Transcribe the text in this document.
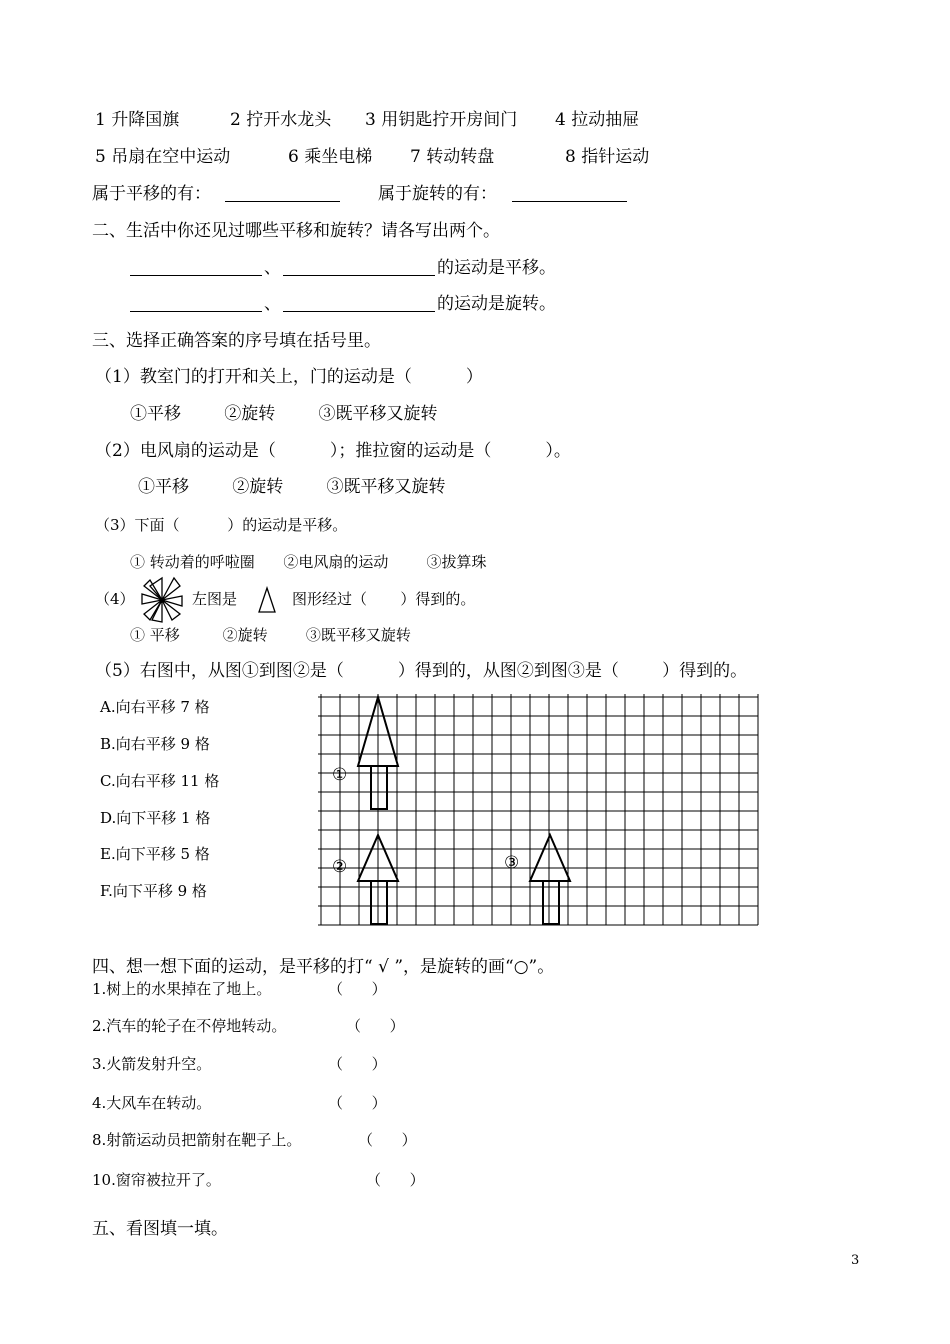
1 升降国旗	2 拧开水龙头 3 用钥匙拧开房间门 4 拉动抽屉
5 吊扇在空中运动	6 乘坐电梯 7 转动转盘	8 指针运动
属于平移的有：	属于旋转的有：
二、生活中你还见过哪些平移和旋转？请各写出两个。
、	的运动是平移。
、	的运动是旋转。
三、选择正确答案的序号填在括号里。
（1）教室门的打开和关上，门的运动是（          ）
①平移        ②旋转        ③既平移又旋转
（2）电风扇的运动是（          ）；推拉窗的运动是（          ）。
①平移        ②旋转        ③既平移又旋转
（3）下面（          ）的运动是平移。
① 转动着的呼啦圈      ②电风扇的运动        ③拔算珠
（4）	左图是	图形经过（       ）得到的。
① 平移         ②旋转        ③既平移又旋转
（5）右图中，从图①到图②是（          ）得到的，从图②到图③是（        ）得到的。
A.向右平移 7 格
B.向右平移 9 格
C.向右平移 11 格
D.向下平移 1 格
E.向下平移 5 格
F.向下平移 9 格
①
②	③
四、想一想下面的运动，是平移的打“ √ ”，是旋转的画“○”。
1.树上的水果掉在了地上。	（      ）
2.汽车的轮子在不停地转动。	（      ）
3.火箭发射升空。	（      ）
4.大风车在转动。	（      ）
8.射箭运动员把箭射在靶子上。	（      ）
10.窗帘被拉开了。	（      ）
五、看图填一填。
3
